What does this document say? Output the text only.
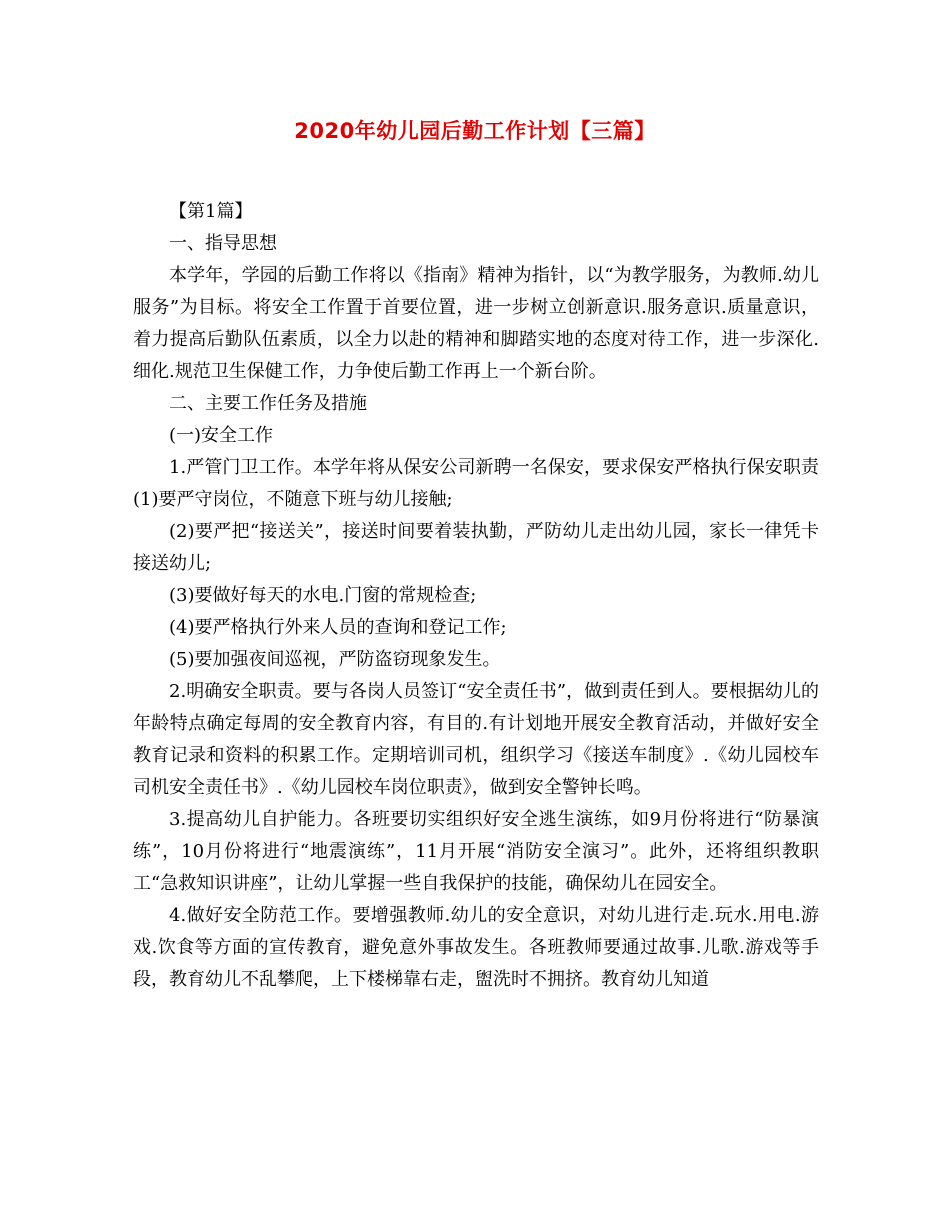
2020年幼儿园后勤工作计划【三篇】

【第1篇】

一、指导思想

本学年，学园的后勤工作将以《指南》精神为指针，以“为教学服务，为教师.幼儿服务”为目标。将安全工作置于首要位置，进一步树立创新意识.服务意识.质量意识，着力提高后勤队伍素质，以全力以赴的精神和脚踏实地的态度对待工作，进一步深化.细化.规范卫生保健工作，力争使后勤工作再上一个新台阶。

二、主要工作任务及措施

(一)安全工作

1.严管门卫工作。本学年将从保安公司新聘一名保安，要求保安严格执行保安职责(1)要严守岗位，不随意下班与幼儿接触;

(2)要严把“接送关”，接送时间要着装执勤，严防幼儿走出幼儿园，家长一律凭卡接送幼儿;

(3)要做好每天的水电.门窗的常规检查;

(4)要严格执行外来人员的查询和登记工作;

(5)要加强夜间巡视，严防盗窃现象发生。

2.明确安全职责。要与各岗人员签订“安全责任书”，做到责任到人。要根据幼儿的年龄特点确定每周的安全教育内容，有目的.有计划地开展安全教育活动，并做好安全教育记录和资料的积累工作。定期培训司机，组织学习《接送车制度》.《幼儿园校车司机安全责任书》.《幼儿园校车岗位职责》，做到安全警钟长鸣。

3.提高幼儿自护能力。各班要切实组织好安全逃生演练，如9月份将进行“防暴演练”，10月份将进行“地震演练”，11月开展“消防安全演习”。此外，还将组织教职工“急救知识讲座”，让幼儿掌握一些自我保护的技能，确保幼儿在园安全。

4.做好安全防范工作。要增强教师.幼儿的安全意识，对幼儿进行走.玩水.用电.游戏.饮食等方面的宣传教育，避免意外事故发生。各班教师要通过故事.儿歌.游戏等手段，教育幼儿不乱攀爬，上下楼梯靠右走，盥洗时不拥挤。教育幼儿知道
